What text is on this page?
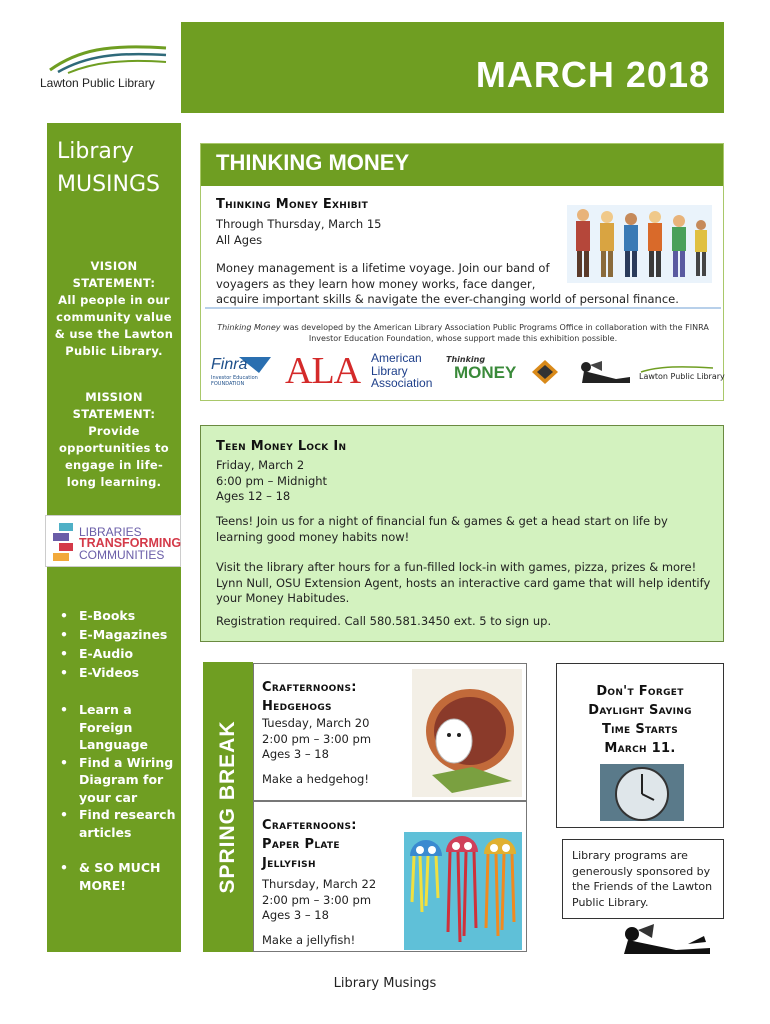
Lawton Public Library	MARCH 2018
Library
MUSINGS
VISION STATEMENT:
All people in our community value & use the Lawton Public Library.
MISSION STATEMENT:
Provide opportunities to engage in life-long learning.
LIBRARIES
TRANSFORMING
COMMUNITIES
• E-Books
• E-Magazines
• E-Audio
• E-Videos
• Learn a Foreign Language
• Find a Wiring Diagram for your car
• Find research articles
• & SO MUCH MORE!
THINKING MONEY
Thinking Money Exhibit
Through Thursday, March 15
All Ages
Money management is a lifetime voyage. Join our band of
voyagers as they learn how money works, face danger,
acquire important skills & navigate the ever-changing world of personal finance.
Thinking Money was developed by the American Library Association Public Programs Office in collaboration with the FINRA Investor Education Foundation, whose support made this exhibition possible.
Finra
Investor Education FOUNDATION	ALA American
Library
Association
Thinking
MONEY	Lawton Public Library
Teen Money Lock In
Friday, March 2
6:00 pm – Midnight
Ages 12 – 18
Teens! Join us for a night of financial fun & games & get a head start on life by learning good money habits now!
Visit the library after hours for a fun-filled lock-in with games, pizza, prizes & more! Lynn Null, OSU Extension Agent, hosts an interactive card game that will help identify your Money Habitudes.
Registration required. Call 580.581.3450 ext. 5 to sign up.
SPRING BREAK
Crafternoons:
Hedgehogs
Tuesday, March 20
2:00 pm – 3:00 pm
Ages 3 – 18
Make a hedgehog!
Crafternoons:
Paper Plate
Jellyfish
Thursday, March 22
2:00 pm – 3:00 pm
Ages 3 – 18
Make a jellyfish!
Don't Forget
Daylight Saving
Time Starts
March 11.
Library programs are generously sponsored by the Friends of the Lawton Public Library.
Library Musings
